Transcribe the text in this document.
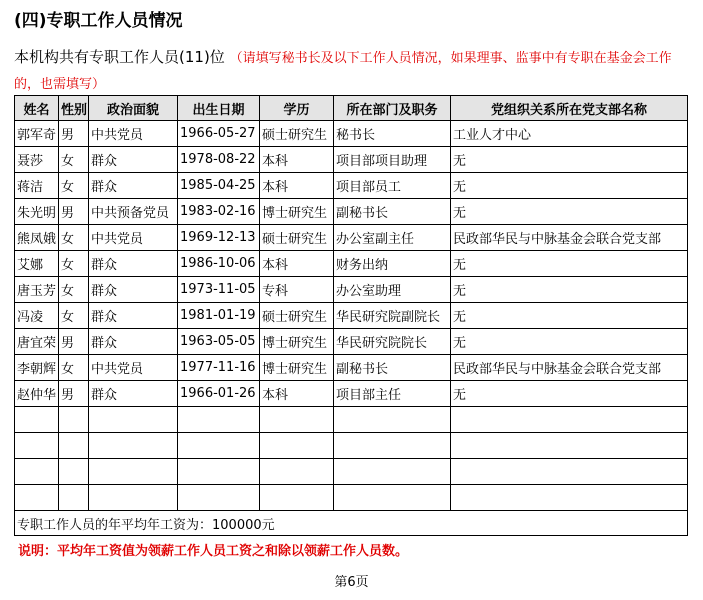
(四)专职工作人员情况
本机构共有专职工作人员(11)位 （请填写秘书长及以下工作人员情况，如果理事、监事中有专职在基金会工作的，也需填写）
姓名	性别	政治面貌	出生日期	学历	所在部门及职务	党组织关系所在党支部名称
郭军奇	男	中共党员	1966-05-27	硕士研究生	秘书长	工业人才中心
聂莎	女	群众	1978-08-22	本科	项目部项目助理	无
蒋洁	女	群众	1985-04-25	本科	项目部员工	无
朱光明	男	中共预备党员	1983-02-16	博士研究生	副秘书长	无
熊凤娥	女	中共党员	1969-12-13	硕士研究生	办公室副主任	民政部华民与中脉基金会联合党支部
艾娜	女	群众	1986-10-06	本科	财务出纳	无
唐玉芳	女	群众	1973-11-05	专科	办公室助理	无
冯凌	女	群众	1981-01-19	硕士研究生	华民研究院副院长	无
唐宜荣	男	群众	1963-05-05	博士研究生	华民研究院院长	无
李朝辉	女	中共党员	1977-11-16	博士研究生	副秘书长	民政部华民与中脉基金会联合党支部
赵仲华	男	群众	1966-01-26	本科	项目部主任	无

专职工作人员的年平均年工资为：100000元						
说明：平均年工资值为领薪工作人员工资之和除以领薪工作人员数。
第6页
